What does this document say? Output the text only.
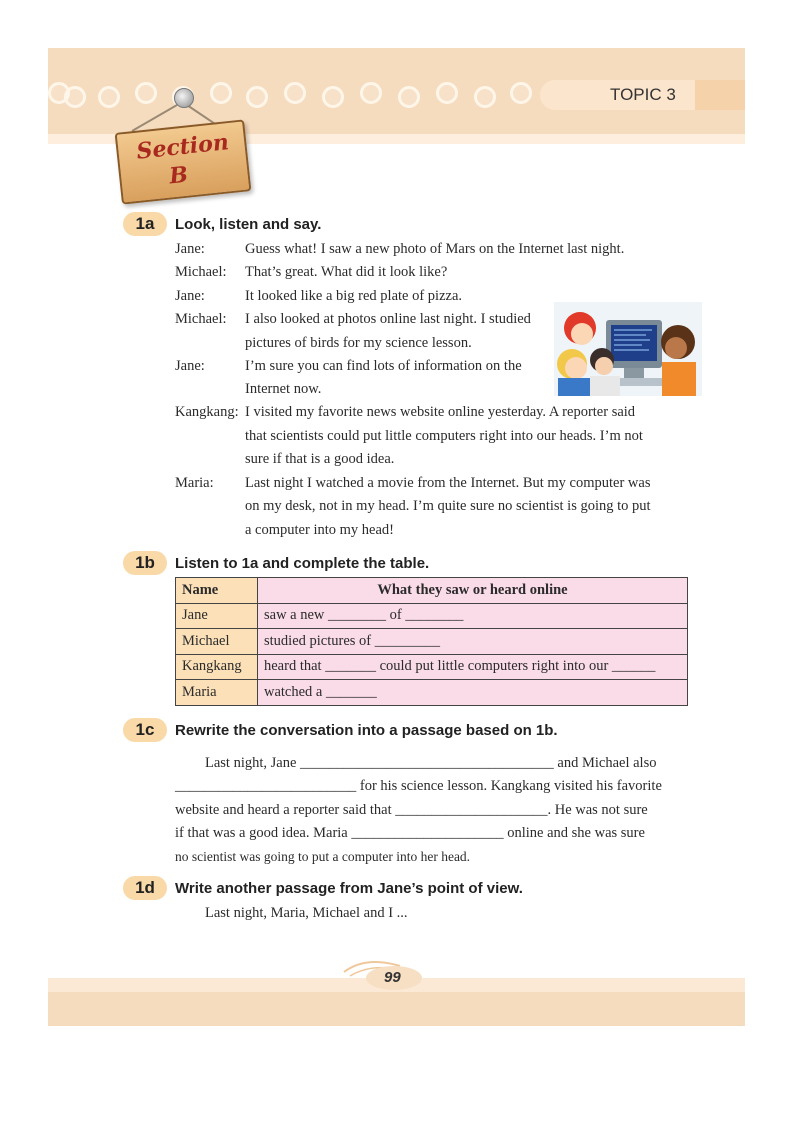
TOPIC 3
Section
B
1a	Look, listen and say.
Jane:	Guess what! I saw a new photo of Mars on the Internet last night.
Michael: That’s great. What did it look like?
Jane:	It looked like a big red plate of pizza.
Michael: I also looked at photos online last night. I studied
pictures of birds for my science lesson.
Jane:	I’m sure you can find lots of information on the
Internet now.
Kangkang: I visited my favorite news website online yesterday. A reporter said
that scientists could put little computers right into our heads. I’m not
sure if that is a good idea.
Maria: Last night I watched a movie from the Internet. But my computer was
on my desk, not in my head. I’m quite sure no scientist is going to put
a computer into my head!
1b	Listen to 1a and complete the table.
Name	What they saw or heard online
Jane	saw a new ________ of ________
Michael	studied pictures of _________
Kangkang	heard that _______ could put little computers right into our ______
Maria	watched a _______
1c	Rewrite the conversation into a passage based on 1b.
Last night, Jane ___________________________________ and Michael also
_________________________ for his science lesson. Kangkang visited his favorite
website and heard a reporter said that _____________________. He was not sure
if that was a good idea. Maria _____________________ online and she was sure
no scientist was going to put a computer into her head.
1d	Write another passage from Jane’s point of view.
Last night, Maria, Michael and I ...
99
